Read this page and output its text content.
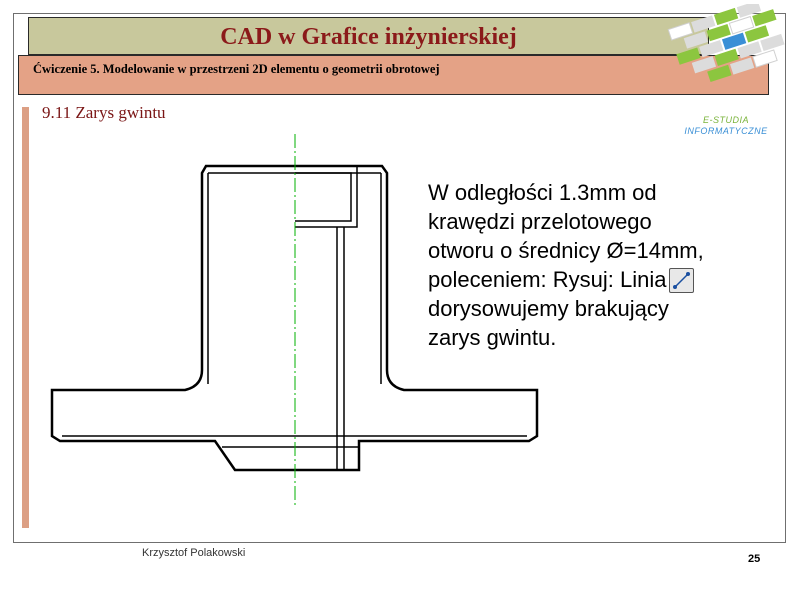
CAD w Grafice inżynierskiej
Ćwiczenie 5. Modelowanie w przestrzeni 2D elementu o geometrii obrotowej
E-STUDIA
INFORMATYCZNE
9.11 Zarys gwintu
W odległości 1.3mm od
krawędzi przelotowego
otworu o średnicy Ø=14mm,
poleceniem: Rysuj: Linia
dorysowujemy brakujący
zarys gwintu.
Krzysztof Polakowski	25
